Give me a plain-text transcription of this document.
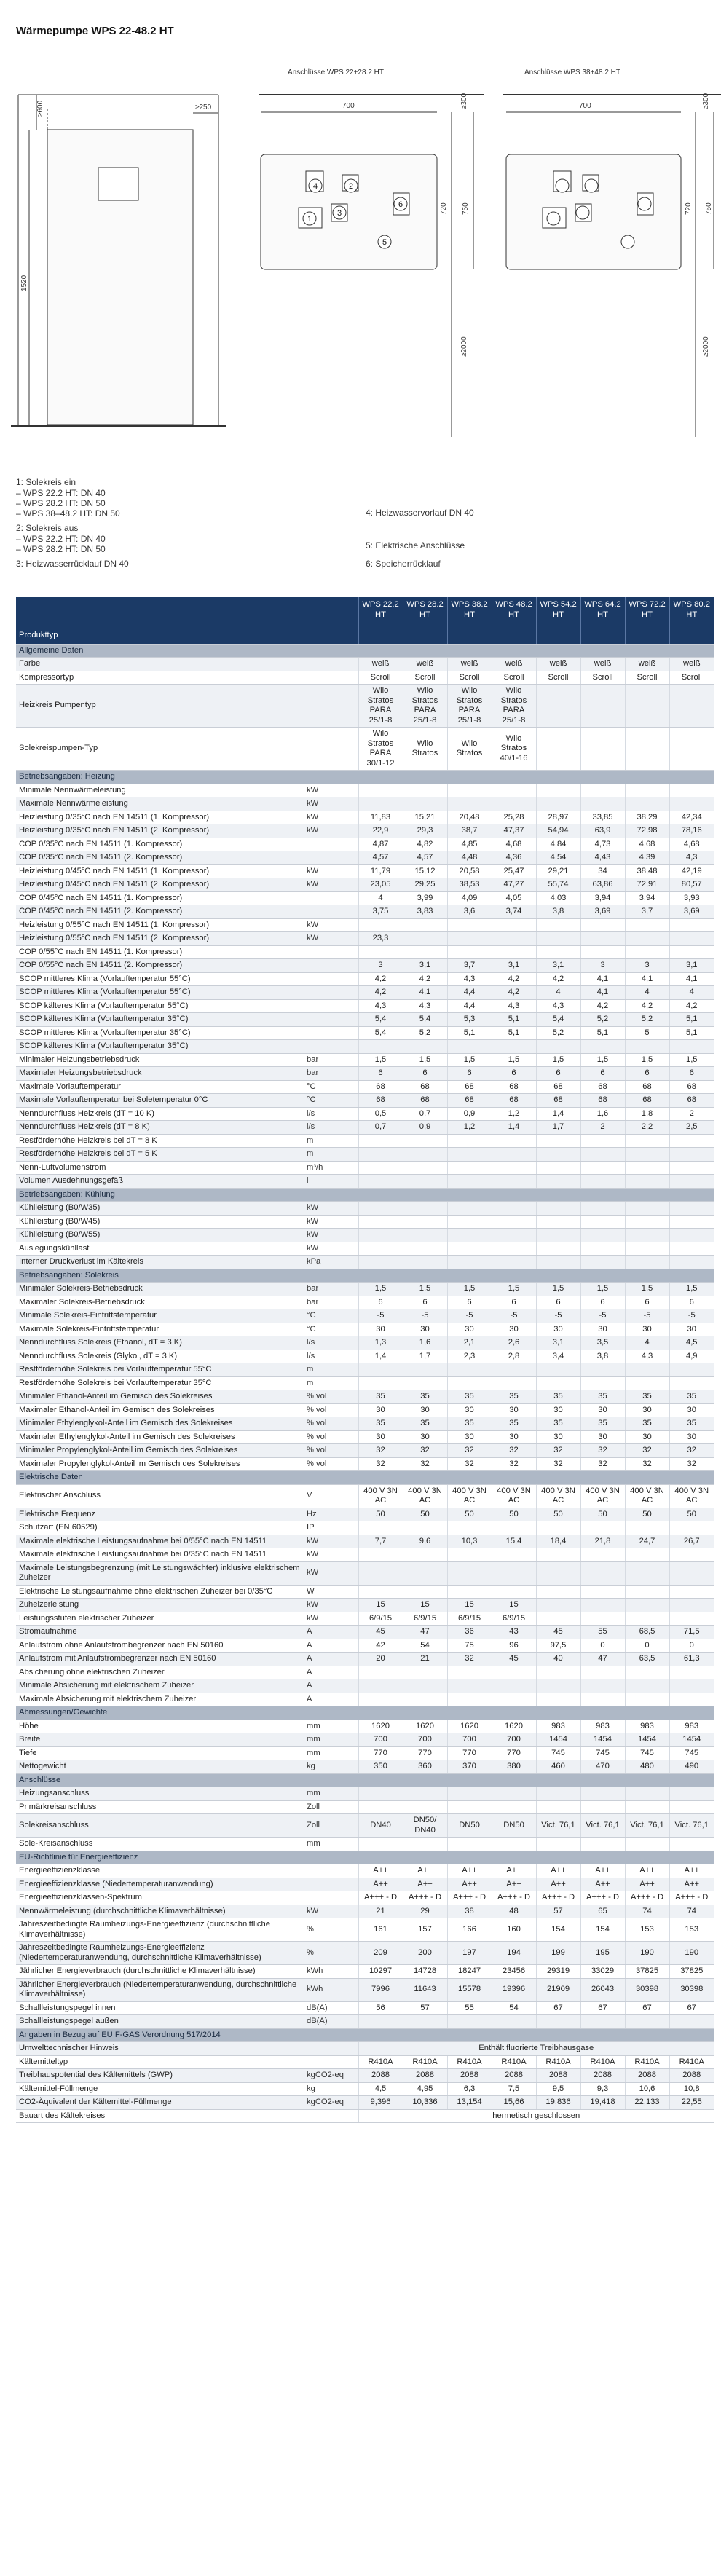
Wärmepumpe WPS 22-48.2 HT
≥600	≥250
1520
Anschlüsse WPS 22+28.2 HT
700
1
2
3
4
5
6
≥300
720 750
≥2000
Anschlüsse WPS 38+48.2 HT
700	≥300
720 750
≥2000
1: Solekreis ein
– WPS 22.2 HT: DN 40
– WPS 28.2 HT: DN 50
– WPS 38–48.2 HT: DN 50
2: Solekreis aus
– WPS 22.2 HT: DN 40
– WPS 28.2 HT: DN 50
3: Heizwasserrücklauf DN 40
4: Heizwasservorlauf DN 40
5: Elektrische Anschlüsse
6: Speicherrücklauf
Produkttyp		WPS 22.2 HT	WPS 28.2 HT	WPS 38.2 HT	WPS 48.2 HT	WPS 54.2 HT	WPS 64.2 HT	WPS 72.2 HT	WPS 80.2 HT
Allgemeine Daten									
Farbe		weiß	weiß	weiß	weiß	weiß	weiß	weiß	weiß
Kompressortyp		Scroll	Scroll	Scroll	Scroll	Scroll	Scroll	Scroll	Scroll
Heizkreis Pumpentyp		Wilo Stratos PARA 25/1-8	Wilo Stratos PARA 25/1-8	Wilo Stratos PARA 25/1-8	Wilo Stratos PARA 25/1-8				
Solekreispumpen-Typ		Wilo Stratos PARA 30/1-12	Wilo Stratos	Wilo Stratos	Wilo Stratos 40/1-16				
Betriebsangaben: Heizung									
Minimale Nennwärmeleistung	kW								
Maximale Nennwärmeleistung	kW								
Heizleistung 0/35°C nach EN 14511 (1. Kompressor)	kW	11,83	15,21	20,48	25,28	28,97	33,85	38,29	42,34
Heizleistung 0/35°C nach EN 14511 (2. Kompressor)	kW	22,9	29,3	38,7	47,37	54,94	63,9	72,98	78,16
COP 0/35°C nach EN 14511 (1. Kompressor)		4,87	4,82	4,85	4,68	4,84	4,73	4,68	4,68
COP 0/35°C nach EN 14511 (2. Kompressor)		4,57	4,57	4,48	4,36	4,54	4,43	4,39	4,3
Heizleistung 0/45°C nach EN 14511 (1. Kompressor)	kW	11,79	15,12	20,58	25,47	29,21	34	38,48	42,19
Heizleistung 0/45°C nach EN 14511 (2. Kompressor)	kW	23,05	29,25	38,53	47,27	55,74	63,86	72,91	80,57
COP 0/45°C nach EN 14511 (1. Kompressor)		4	3,99	4,09	4,05	4,03	3,94	3,94	3,93
COP 0/45°C nach EN 14511 (2. Kompressor)		3,75	3,83	3,6	3,74	3,8	3,69	3,7	3,69
Heizleistung 0/55°C nach EN 14511 (1. Kompressor)	kW								
Heizleistung 0/55°C nach EN 14511 (2. Kompressor)	kW	23,3							
COP 0/55°C nach EN 14511 (1. Kompressor)									
COP 0/55°C nach EN 14511 (2. Kompressor)		3	3,1	3,7	3,1	3,1	3	3	3,1
SCOP mittleres Klima (Vorlauftemperatur 55°C)		4,2	4,2	4,3	4,2	4,2	4,1	4,1	4,1
SCOP mittleres Klima (Vorlauftemperatur 55°C)		4,2	4,1	4,4	4,2	4	4,1	4	4
SCOP kälteres Klima (Vorlauftemperatur 55°C)		4,3	4,3	4,4	4,3	4,3	4,2	4,2	4,2
SCOP kälteres Klima (Vorlauftemperatur 35°C)		5,4	5,4	5,3	5,1	5,4	5,2	5,2	5,1
SCOP mittleres Klima (Vorlauftemperatur 35°C)		5,4	5,2	5,1	5,1	5,2	5,1	5	5,1
SCOP kälteres Klima (Vorlauftemperatur 35°C)									
Minimaler Heizungsbetriebsdruck	bar	1,5	1,5	1,5	1,5	1,5	1,5	1,5	1,5
Maximaler Heizungsbetriebsdruck	bar	6	6	6	6	6	6	6	6
Maximale Vorlauftemperatur	°C	68	68	68	68	68	68	68	68
Maximale Vorlauftemperatur bei Soletemperatur 0°C	°C	68	68	68	68	68	68	68	68
Nenndurchfluss Heizkreis (dT = 10 K)	l/s	0,5	0,7	0,9	1,2	1,4	1,6	1,8	2
Nenndurchfluss Heizkreis (dT = 8 K)	l/s	0,7	0,9	1,2	1,4	1,7	2	2,2	2,5
Restförderhöhe Heizkreis bei dT = 8 K	m								
Restförderhöhe Heizkreis bei dT = 5 K	m								
Nenn-Luftvolumenstrom	m³/h								
Volumen Ausdehnungsgefäß	l								
Betriebsangaben: Kühlung									
Kühlleistung (B0/W35)	kW								
Kühlleistung (B0/W45)	kW								
Kühlleistung (B0/W55)	kW								
Auslegungskühllast	kW								
Interner Druckverlust im Kältekreis	kPa								
Betriebsangaben: Solekreis									
Minimaler Solekreis-Betriebsdruck	bar	1,5	1,5	1,5	1,5	1,5	1,5	1,5	1,5
Maximaler Solekreis-Betriebsdruck	bar	6	6	6	6	6	6	6	6
Minimale Solekreis-Eintrittstemperatur	°C	-5	-5	-5	-5	-5	-5	-5	-5
Maximale Solekreis-Eintrittstemperatur	°C	30	30	30	30	30	30	30	30
Nenndurchfluss Solekreis (Ethanol, dT = 3 K)	l/s	1,3	1,6	2,1	2,6	3,1	3,5	4	4,5
Nenndurchfluss Solekreis (Glykol, dT = 3 K)	l/s	1,4	1,7	2,3	2,8	3,4	3,8	4,3	4,9
Restförderhöhe Solekreis bei Vorlauftemperatur 55°C	m								
Restförderhöhe Solekreis bei Vorlauftemperatur 35°C	m								
Minimaler Ethanol-Anteil im Gemisch des Solekreises	% vol	35	35	35	35	35	35	35	35
Maximaler Ethanol-Anteil im Gemisch des Solekreises	% vol	30	30	30	30	30	30	30	30
Minimaler Ethylenglykol-Anteil im Gemisch des Solekreises	% vol	35	35	35	35	35	35	35	35
Maximaler Ethylenglykol-Anteil im Gemisch des Solekreises	% vol	30	30	30	30	30	30	30	30
Minimaler Propylenglykol-Anteil im Gemisch des Solekreises	% vol	32	32	32	32	32	32	32	32
Maximaler Propylenglykol-Anteil im Gemisch des Solekreises	% vol	32	32	32	32	32	32	32	32
Elektrische Daten									
Elektrischer Anschluss	V	400 V 3N AC	400 V 3N AC	400 V 3N AC	400 V 3N AC	400 V 3N AC	400 V 3N AC	400 V 3N AC	400 V 3N AC
Elektrische Frequenz	Hz	50	50	50	50	50	50	50	50
Schutzart (EN 60529)	IP								
Maximale elektrische Leistungsaufnahme bei 0/55°C nach EN 14511	kW	7,7	9,6	10,3	15,4	18,4	21,8	24,7	26,7
Maximale elektrische Leistungsaufnahme bei 0/35°C nach EN 14511	kW								
Maximale Leistungsbegrenzung (mit Leistungswächter) inklusive elektrischem Zuheizer	kW								
Elektrische Leistungsaufnahme ohne elektrischen Zuheizer bei 0/35°C	W								
Zuheizerleistung	kW	15	15	15	15				
Leistungsstufen elektrischer Zuheizer	kW	6/9/15	6/9/15	6/9/15	6/9/15				
Stromaufnahme	A	45	47	36	43	45	55	68,5	71,5
Anlaufstrom ohne Anlaufstrombegrenzer nach EN 50160	A	42	54	75	96	97,5	0	0	0
Anlaufstrom mit Anlaufstrombegrenzer nach EN 50160	A	20	21	32	45	40	47	63,5	61,3
Absicherung ohne elektrischen Zuheizer	A								
Minimale Absicherung mit elektrischem Zuheizer	A								
Maximale Absicherung mit elektrischem Zuheizer	A								
Abmessungen/Gewichte									
Höhe	mm	1620	1620	1620	1620	983	983	983	983
Breite	mm	700	700	700	700	1454	1454	1454	1454
Tiefe	mm	770	770	770	770	745	745	745	745
Nettogewicht	kg	350	360	370	380	460	470	480	490
Anschlüsse									
Heizungsanschluss	mm								
Primärkreisanschluss	Zoll								
Solekreisanschluss	Zoll	DN40	DN50/ DN40	DN50	DN50	Vict. 76,1	Vict. 76,1	Vict. 76,1	Vict. 76,1
Sole-Kreisanschluss	mm								
EU-Richtlinie für Energieeffizienz									
Energieeffizienzklasse		A++	A++	A++	A++	A++	A++	A++	A++
Energieeffizienzklasse (Niedertemperaturanwendung)		A++	A++	A++	A++	A++	A++	A++	A++
Energieeffizienzklassen-Spektrum		A+++ - D	A+++ - D	A+++ - D	A+++ - D	A+++ - D	A+++ - D	A+++ - D	A+++ - D
Nennwärmeleistung (durchschnittliche Klimaverhältnisse)	kW	21	29	38	48	57	65	74	74
Jahreszeitbedingte Raumheizungs-Energieeffizienz (durchschnittliche Klimaverhältnisse)	%	161	157	166	160	154	154	153	153
Jahreszeitbedingte Raumheizungs-Energieeffizienz (Niedertemperaturanwendung, durchschnittliche Klimaverhältnisse)	%	209	200	197	194	199	195	190	190
Jährlicher Energieverbrauch (durchschnittliche Klimaverhältnisse)	kWh	10297	14728	18247	23456	29319	33029	37825	37825
Jährlicher Energieverbrauch (Niedertemperaturanwendung, durchschnittliche Klimaverhältnisse)	kWh	7996	11643	15578	19396	21909	26043	30398	30398
Schallleistungspegel innen	dB(A)	56	57	55	54	67	67	67	67
Schallleistungspegel außen	dB(A)								
Angaben in Bezug auf EU F-GAS Verordnung 517/2014									
Umwelttechnischer Hinweis		Enthält fluorierte Treibhausgase							
Kältemitteltyp		R410A	R410A	R410A	R410A	R410A	R410A	R410A	R410A
Treibhauspotential des Kältemittels (GWP)	kgCO2-eq	2088	2088	2088	2088	2088	2088	2088	2088
Kältemittel-Füllmenge	kg	4,5	4,95	6,3	7,5	9,5	9,3	10,6	10,8
CO2-Äquivalent der Kältemittel-Füllmenge	kgCO2-eq	9,396	10,336	13,154	15,66	19,836	19,418	22,133	22,55
Bauart des Kältekreises		hermetisch geschlossen							
